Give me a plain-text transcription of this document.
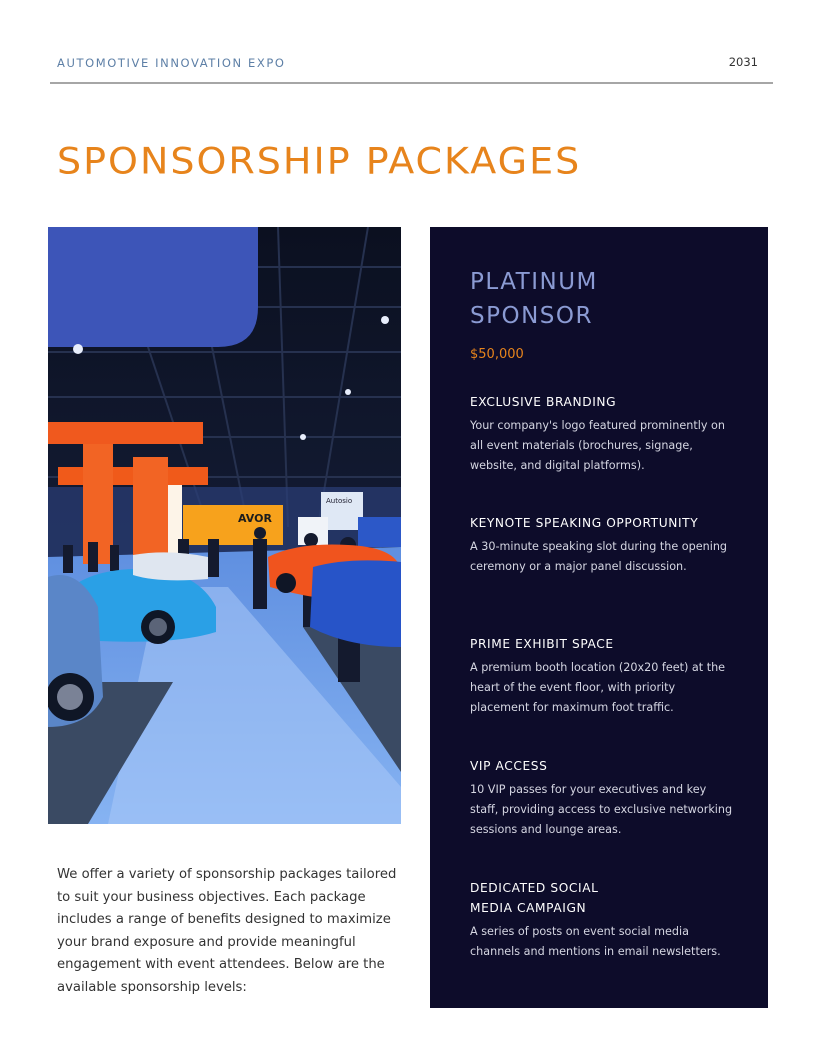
AUTOMOTIVE INNOVATION EXPO	2031
SPONSORSHIP PACKAGES
AVOR
Autosio

We offer a variety of sponsorship packages tailored to suit your business objectives. Each package includes a range of benefits designed to maximize your brand exposure and provide meaningful engagement with event attendees. Below are the available sponsorship levels:

PLATINUM
SPONSOR
$50,000

EXCLUSIVE BRANDING

Your company's logo featured prominently on all event materials (brochures, signage, website, and digital platforms).

KEYNOTE SPEAKING OPPORTUNITY

A 30-minute speaking slot during the opening ceremony or a major panel discussion.

PRIME EXHIBIT SPACE

A premium booth location (20x20 feet) at the heart of the event floor, with priority placement for maximum foot traffic.

VIP ACCESS

10 VIP passes for your executives and key staff, providing access to exclusive networking sessions and lounge areas.

DEDICATED SOCIAL
MEDIA CAMPAIGN

A series of posts on event social media channels and mentions in email newsletters.
